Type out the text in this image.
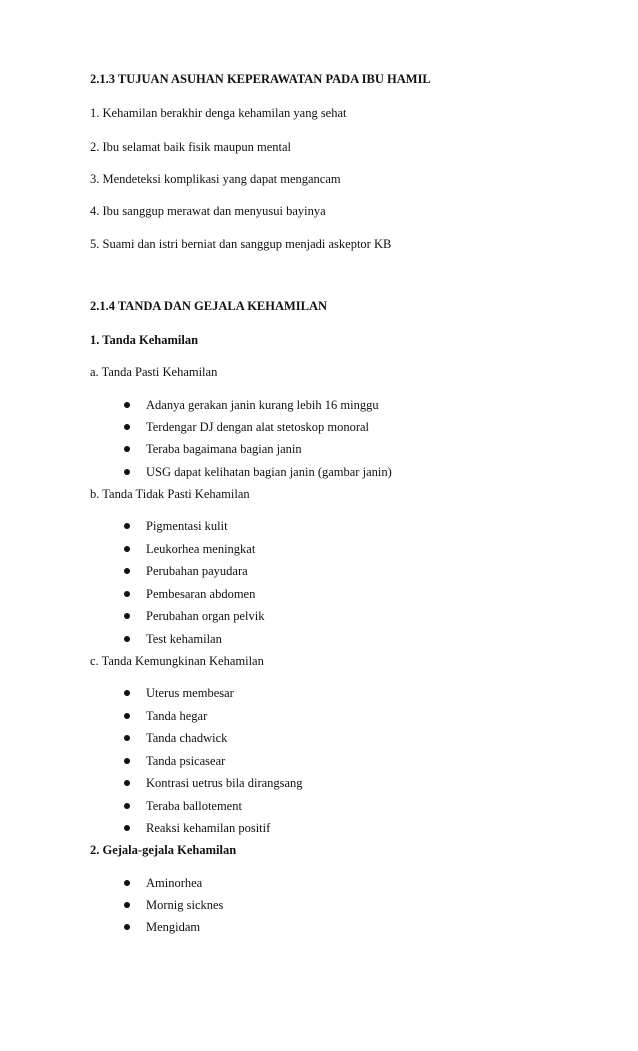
2.1.3 TUJUAN ASUHAN KEPERAWATAN PADA IBU HAMIL
1. Kehamilan berakhir denga kehamilan yang sehat
2. Ibu selamat baik fisik maupun mental
3. Mendeteksi komplikasi yang dapat mengancam
4. Ibu sanggup merawat dan menyusui bayinya
5. Suami dan istri berniat dan sanggup menjadi askeptor KB
2.1.4 TANDA DAN GEJALA KEHAMILAN
1. Tanda Kehamilan
a. Tanda Pasti Kehamilan
Adanya gerakan janin kurang lebih 16 minggu
Terdengar DJ dengan alat stetoskop monoral
Teraba bagaimana bagian janin
USG dapat kelihatan bagian janin (gambar janin)
b. Tanda Tidak Pasti Kehamilan
Pigmentasi kulit
Leukorhea meningkat
Perubahan payudara
Pembesaran abdomen
Perubahan organ pelvik
Test kehamilan
c. Tanda Kemungkinan Kehamilan
Uterus membesar
Tanda hegar
Tanda chadwick
Tanda psicasear
Kontrasi uetrus bila dirangsang
Teraba ballotement
Reaksi kehamilan positif
2. Gejala-gejala Kehamilan
Aminorhea
Mornig sicknes
Mengidam
